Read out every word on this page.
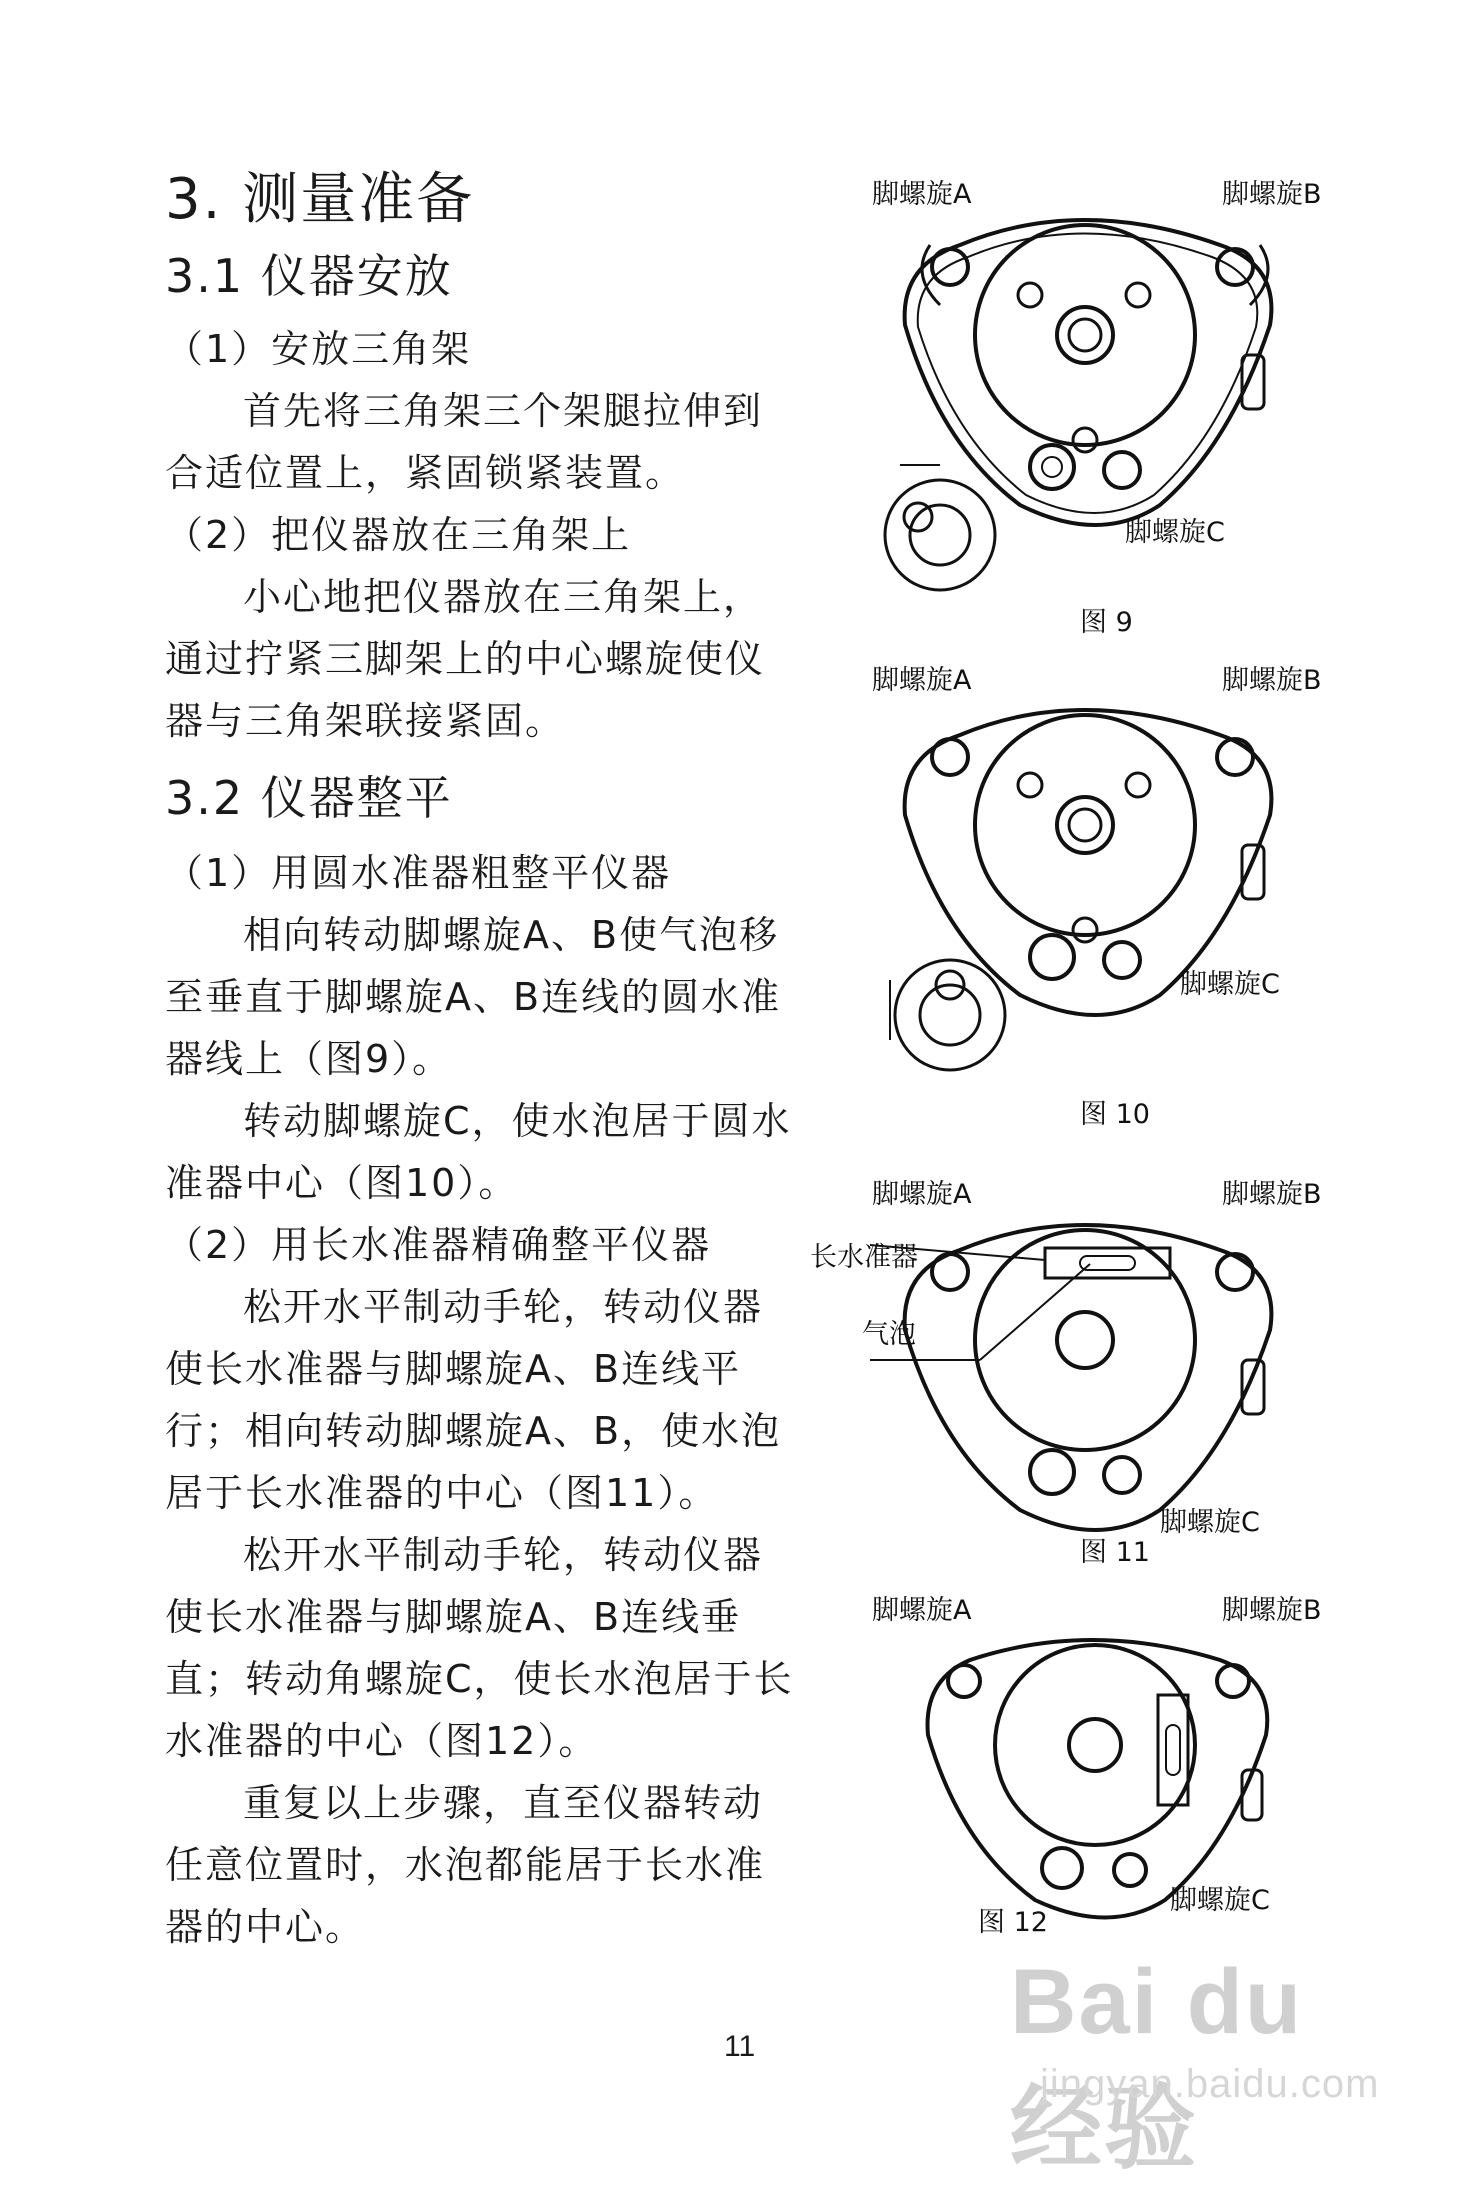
3. 测量准备
3.1 仪器安放

（1）安放三角架

首先将三角架三个架腿拉伸到合适位置上，紧固锁紧装置。

（2）把仪器放在三角架上

小心地把仪器放在三角架上，通过拧紧三脚架上的中心螺旋使仪器与三角架联接紧固。

3.2 仪器整平

（1）用圆水准器粗整平仪器

相向转动脚螺旋A、B使气泡移至垂直于脚螺旋A、B连线的圆水准器线上（图9）。

转动脚螺旋C，使水泡居于圆水准器中心（图10）。

（2）用长水准器精确整平仪器

松开水平制动手轮，转动仪器使长水准器与脚螺旋A、B连线平行；相向转动脚螺旋A、B，使水泡居于长水准器的中心（图11）。

松开水平制动手轮，转动仪器使长水准器与脚螺旋A、B连线垂直；转动角螺旋C，使长水泡居于长水准器的中心（图12）。

重复以上步骤，直至仪器转动任意位置时，水泡都能居于长水准器的中心。

脚螺旋A	脚螺旋B
脚螺旋C
图 9
脚螺旋A	脚螺旋B
脚螺旋C
图 10
脚螺旋A	脚螺旋B
长水准器
气泡
脚螺旋C
图 11
脚螺旋A	脚螺旋B
脚螺旋C
图 12
11	Bai du 经验
jingyan.baidu.com
